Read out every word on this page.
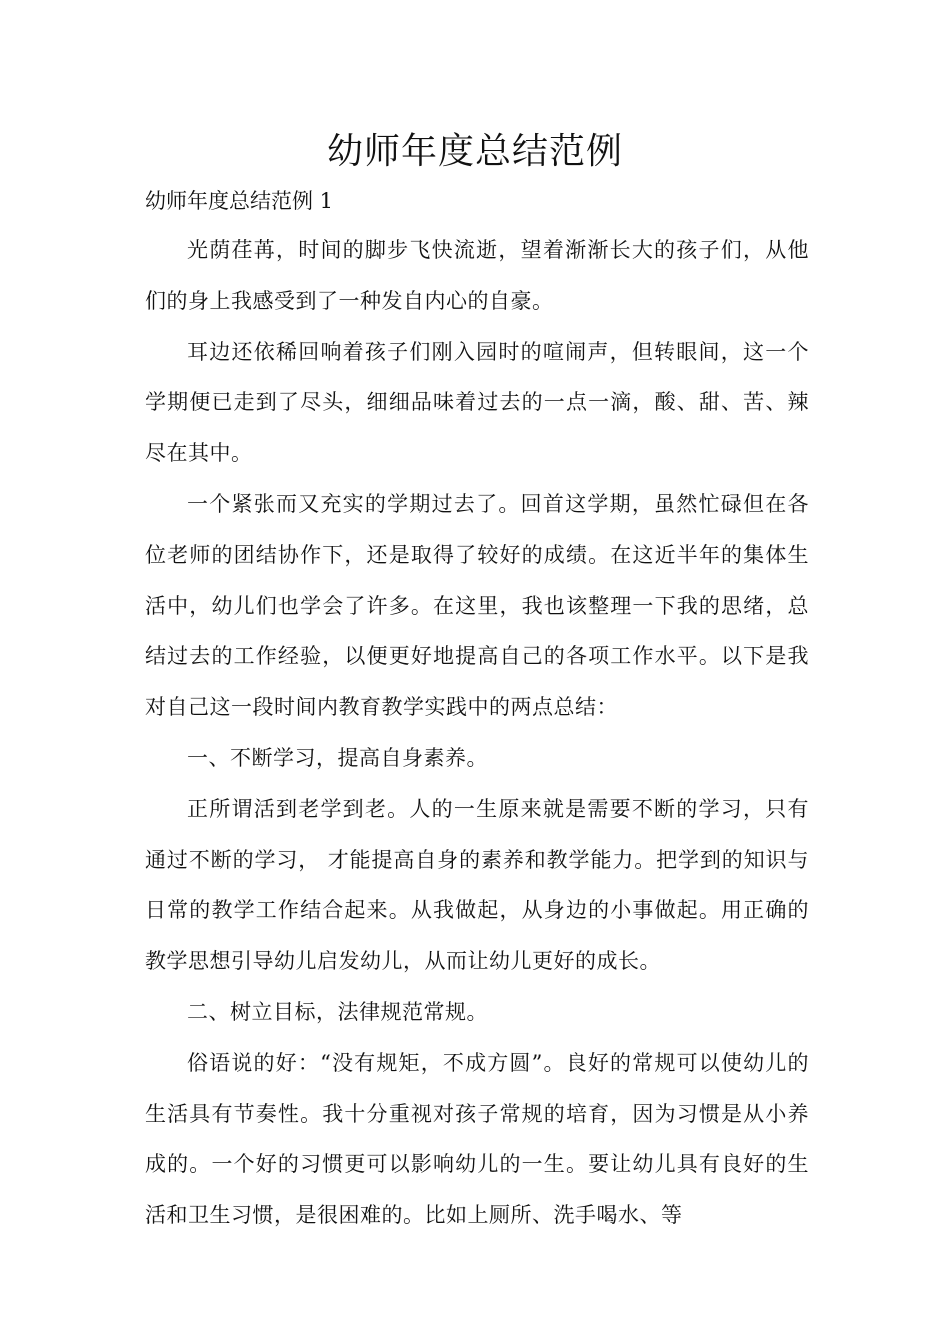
幼师年度总结范例
幼师年度总结范例 1

光荫荏苒，时间的脚步飞快流逝，望着渐渐长大的孩子们，从他们的身上我感受到了一种发自内心的自豪。

耳边还依稀回响着孩子们刚入园时的喧闹声，但转眼间，这一个学期便已走到了尽头，细细品味着过去的一点一滴，酸、甜、苦、辣尽在其中。

一个紧张而又充实的学期过去了。回首这学期，虽然忙碌但在各位老师的团结协作下，还是取得了较好的成绩。在这近半年的集体生活中，幼儿们也学会了许多。在这里，我也该整理一下我的思绪，总结过去的工作经验，以便更好地提高自己的各项工作水平。以下是我对自己这一段时间内教育教学实践中的两点总结：

一、不断学习，提高自身素养。

正所谓活到老学到老。人的一生原来就是需要不断的学习，只有通过不断的学习， 才能提高自身的素养和教学能力。把学到的知识与日常的教学工作结合起来。从我做起，从身边的小事做起。用正确的教学思想引导幼儿启发幼儿，从而让幼儿更好的成长。

二、树立目标，法律规范常规。

俗语说的好：“没有规矩，不成方圆”。良好的常规可以使幼儿的生活具有节奏性。我十分重视对孩子常规的培育，因为习惯是从小养成的。一个好的习惯更可以影响幼儿的一生。要让幼儿具有良好的生活和卫生习惯，是很困难的。比如上厕所、洗手喝水、等
